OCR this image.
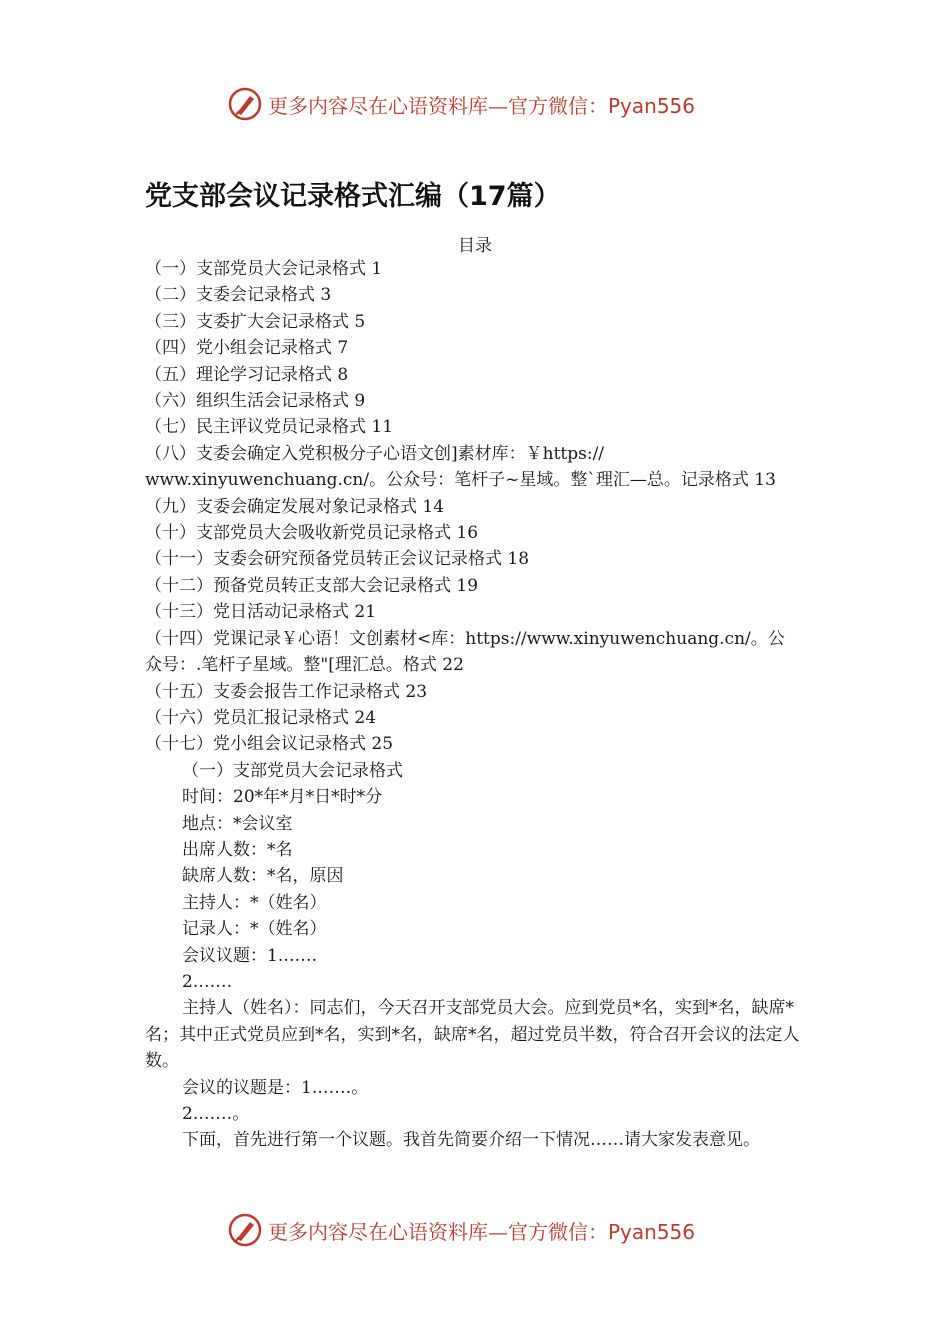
更多内容尽在心语资料库—官方微信：Pyan556
党支部会议记录格式汇编（17篇）
目录
（一）支部党员大会记录格式 1
（二）支委会记录格式 3
（三）支委扩大会记录格式 5
（四）党小组会记录格式 7
（五）理论学习记录格式 8
（六）组织生活会记录格式 9
（七）民主评议党员记录格式 11
（八）支委会确定入党积极分子心语文创]素材库：￥https://
www.xinyuwenchuang.cn/。公众号：笔杆子~星域。整`理汇—总。记录格式 13
（九）支委会确定发展对象记录格式 14
（十）支部党员大会吸收新党员记录格式 16
（十一）支委会研究预备党员转正会议记录格式 18
（十二）预备党员转正支部大会记录格式 19
（十三）党日活动记录格式 21
（十四）党课记录￥心语！文创素材<库：https://www.xinyuwenchuang.cn/。公
众号：.笔杆子星域。整"[理汇总。格式 22
（十五）支委会报告工作记录格式 23
（十六）党员汇报记录格式 24
（十七）党小组会议记录格式 25
（一）支部党员大会记录格式
时间：20*年*月*日*时*分
地点：*会议室
出席人数：*名
缺席人数：*名，原因
主持人：*（姓名）
记录人：*（姓名）
会议议题：1.……
2.……
主持人（姓名）：同志们，今天召开支部党员大会。应到党员*名，实到*名，缺席*名；其中正式党员应到*名，实到*名，缺席*名，超过党员半数，符合召开会议的法定人数。
会议的议题是：1.……。
2.……。
下面，首先进行第一个议题。我首先简要介绍一下情况……请大家发表意见。
更多内容尽在心语资料库—官方微信：Pyan556
